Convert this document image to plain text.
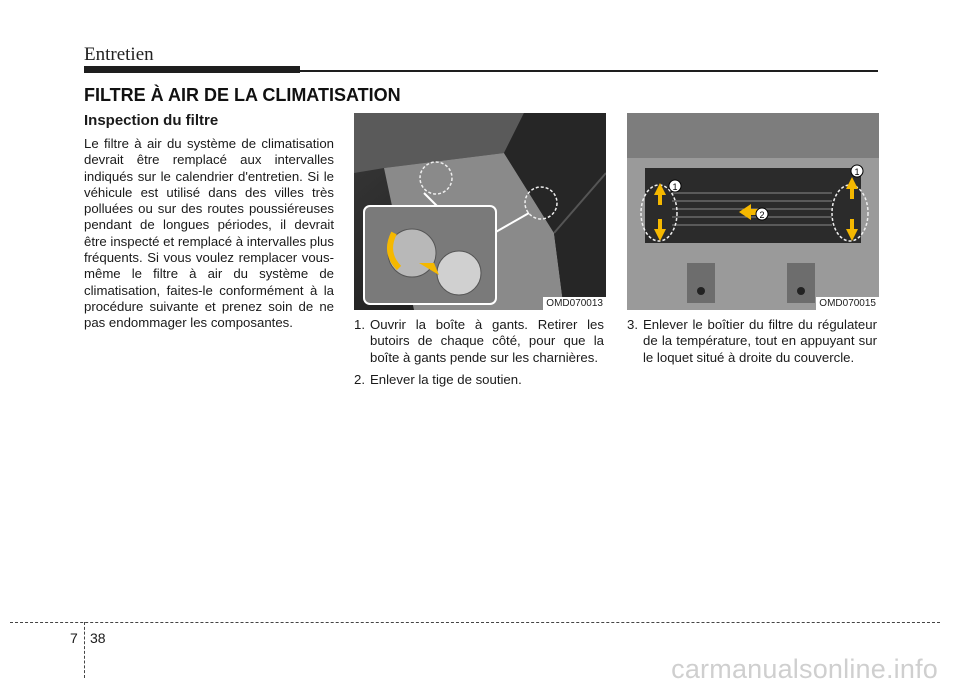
Entretien
FILTRE À AIR DE LA CLIMATISATION
Inspection du filtre
Le filtre à air du système de climatisation devrait être remplacé aux intervalles indiqués sur le calendrier d'entretien. Si le véhicule est utilisé dans des villes très polluées ou sur des routes poussiéreuses pendant de longues périodes, il devrait être inspecté et remplacé à intervalles plus fréquents. Si vous voulez remplacer vous-même le filtre à air du système de climatisation, faites-le conformément à la procédure suivante et prenez soin de ne pas endommager les composantes.
OMD070013
1
2
1
OMD070015
1. Ouvrir la boîte à gants. Retirer les butoirs de chaque côté, pour que la boîte à gants pende sur les charnières.
2. Enlever la tige de soutien.
3. Enlever le boîtier du filtre du régulateur de la température, tout en appuyant sur le loquet situé à droite du couvercle.
7 38
carmanualsonline.info
